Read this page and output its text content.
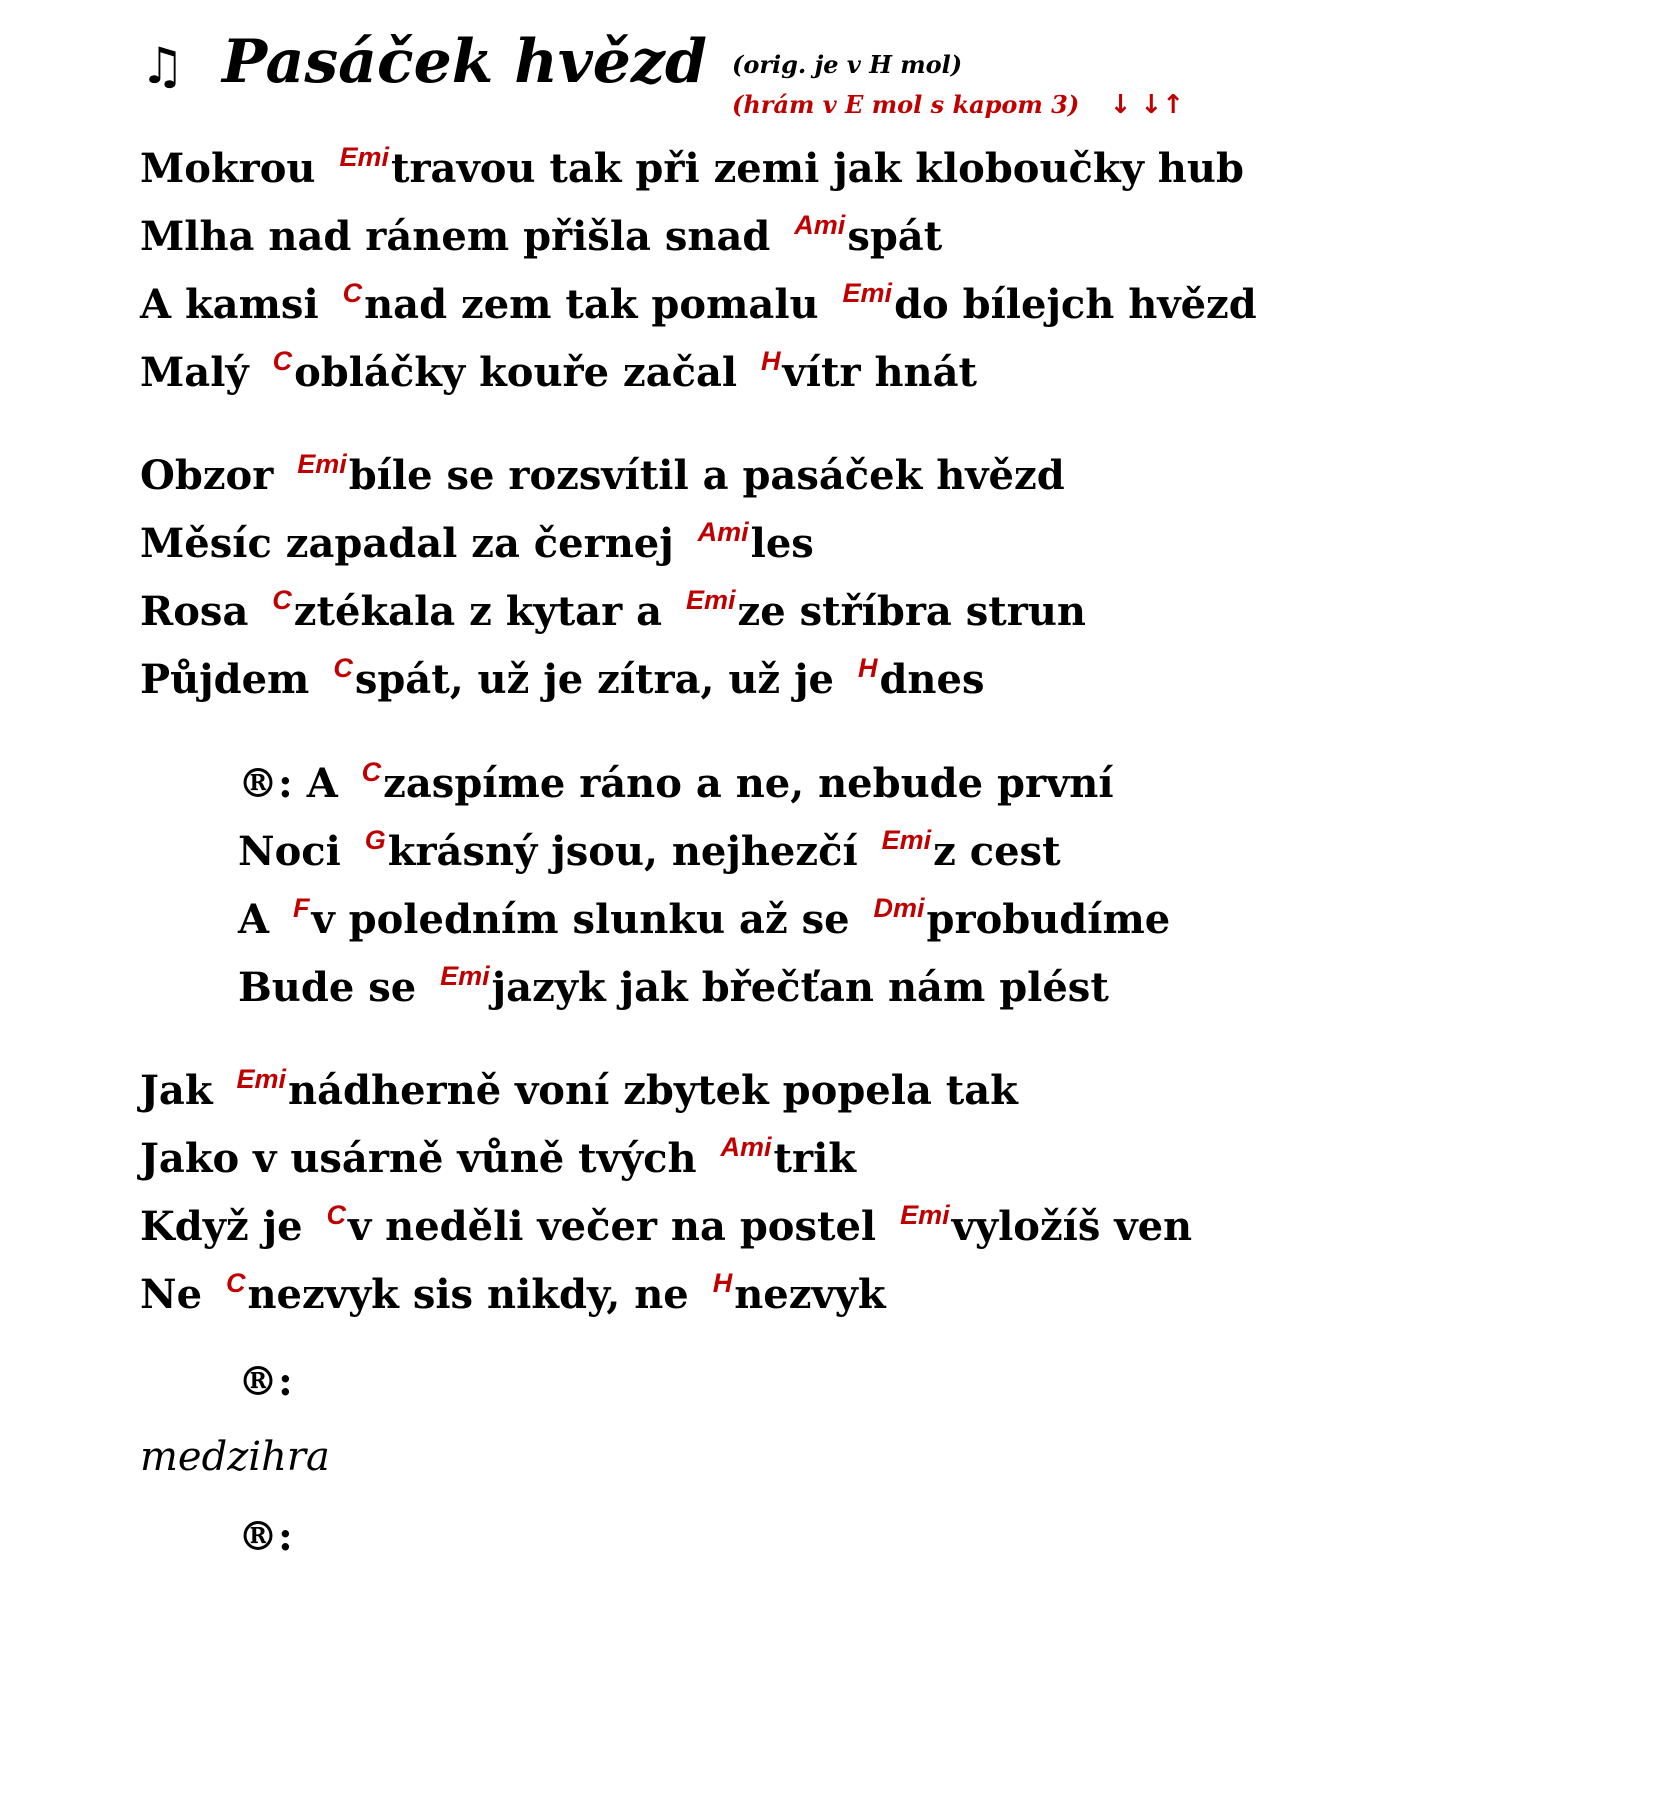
♫ Pasáček hvězd (orig. je v H mol)
(hrám v E mol s kapom 3) ↓ ↓↑
Mokrou Emitravou tak při zemi jak kloboučky hub
Mlha nad ránem přišla snad Amispát
A kamsi Cnad zem tak pomalu Emido bílejch hvězd
Malý Cobláčky kouře začal Hvítr hnát
Obzor Emibíle se rozsvítil a pasáček hvězd
Měsíc zapadal za černej Amiles
Rosa Cztékala z kytar a Emize stříbra strun
Půjdem Cspát, už je zítra, už je Hdnes
®: A Czaspíme ráno a ne, nebude první
Noci Gkrásný jsou, nejhezčí Emiz cest
A Fv poledním slunku až se Dmiprobudíme
Bude se Emijazyk jak břečťan nám plést
Jak Eminádherně voní zbytek popela tak
Jako v usárně vůně tvých Amitrik
Když je Cv neděli večer na postel Emivyložíš ven
Ne Cnezvyk sis nikdy, ne Hnezvyk
®:
medzihra
®:
